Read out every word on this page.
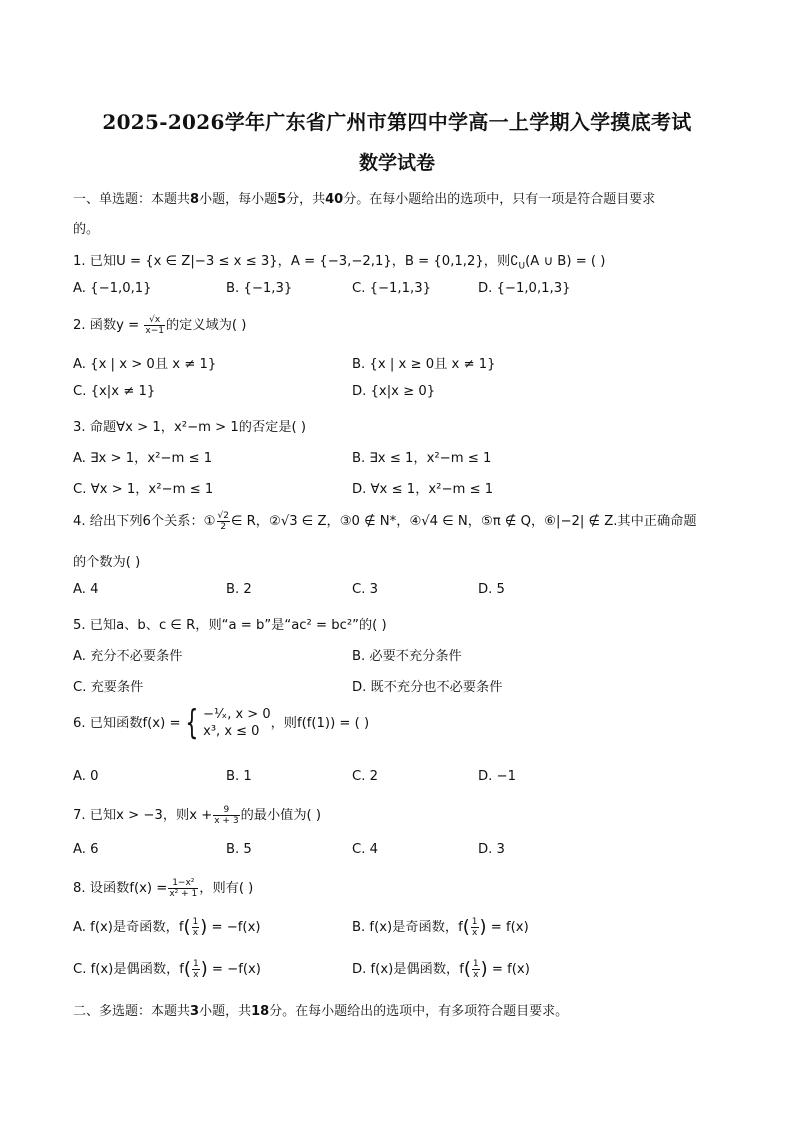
2025-2026学年广东省广州市第四中学高一上学期入学摸底考试
数学试卷
一、单选题：本题共8小题，每小题5分，共40分。在每小题给出的选项中，只有一项是符合题目要求
的。
1. 已知U = {x ∈ Z|−3 ≤ x ≤ 3}，A = {−3,−2,1}，B = {0,1,2}，则$∁_U(A$ ∪ B) = ( )
A. {−1,0,1}	B. {−1,3}	C. {−1,1,3}	D. {−1,0,1,3}
2. 函数$y = \frac{√x}{x-1}$ 的定义域为( )
A. {x | x > 0且 x ≠ 1}	B. {x | x ≥ 0且 x ≠ 1}
C. {x|x ≠ 1}	D. {x|x ≥ 0}
3. 命题∀x > 1，x²−m > 1的否定是( )
A. ∃x > 1，x²−m ≤ 1	B. ∃x ≤ 1，x²−m ≤ 1
C. ∀x > 1，x²−m ≤ 1	D. ∀x ≤ 1，x²−m ≤ 1
4. 给出下列6个关系：① $\frac{√2}{2}$ ∈ R，②√3 ∈ Z，③0 ∉ N*，④√4 ∈ N，⑤π ∉ Q，⑥|−2| ∉ Z.其中正确命题
的个数为( )
A. 4	B. 2	C. 3	D. 5
5. 已知a、b、c ∈ R，则“a = b”是“ac² = bc²”的( )
A. 充分不必要条件	B. 必要不充分条件
C. 充要条件	D. 既不充分也不必要条件
6. 已知函数f(x) = { −¹⁄ₓ, x > 0
x³, x ≤ 0
，则f(f(1)) = ( )
A. 0	B. 1	C. 2	D. −1
7. 已知x > −3，则$x + \frac{9}{x + 3}$ 的最小值为( )
A. 6	B. 5	C. 4	D. 3
8. 设函数$f(x) = \frac{\text{1−x²}}{\text{x² + 1}}$ ，则有( )
A. f(x)是奇函数，$f( \frac{1}{x}$ ) = −f(x)	B. f(x)是奇函数，$f( \frac{1}{x}$ ) = f(x)
C. f(x)是偶函数，$f( \frac{1}{x}$ ) = −f(x)	D. f(x)是偶函数，$f( \frac{1}{x}$ ) = f(x)
二、多选题：本题共3小题，共18分。在每小题给出的选项中，有多项符合题目要求。
